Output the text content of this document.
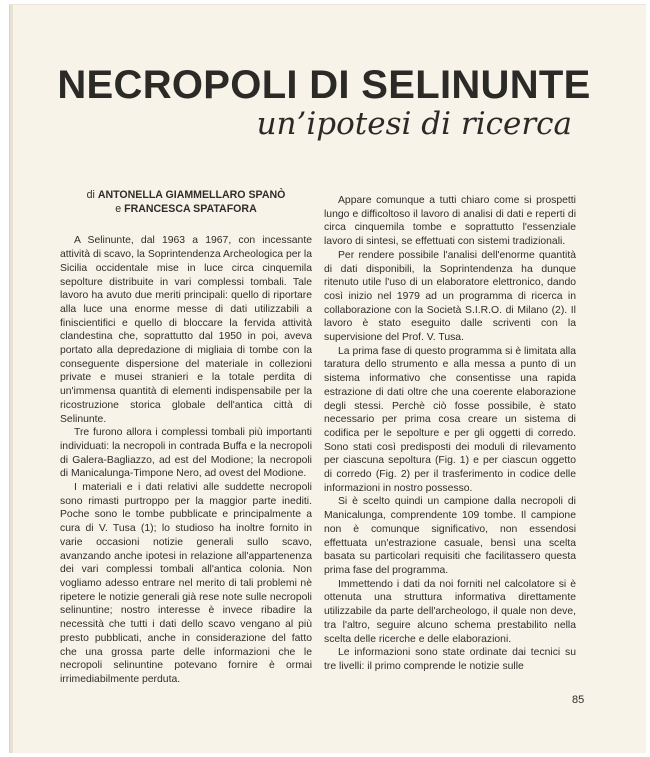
NECROPOLI DI SELINUNTE
un’ipotesi di ricerca
di ANTONELLA GIAMMELLARO SPANÒ
e FRANCESCA SPATAFORA

A Selinunte, dal 1963 a 1967, con incessante attività di scavo, la Soprintendenza Archeologica per la Sicilia occidentale mise in luce circa cinquemila sepolture distribuite in vari complessi tombali. Tale lavoro ha avuto due meriti principali: quello di riportare alla luce una enorme messe di dati utilizzabili a finiscientifici e quello di bloccare la fervida attività clandestina che, soprattutto dal 1950 in poi, aveva portato alla depredazione di migliaia di tombe con la conseguente dispersione del materiale in collezioni private e musei stranieri e la totale perdita di un'immensa quantità di elementi indispensabile per la ricostruzione storica globale dell'antica città di Selinunte.

Tre furono allora i complessi tombali più importanti individuati: la necropoli in contrada Buffa e la necropoli di Galera-Bagliazzo, ad est del Modione; la necropoli di Manicalunga-Timpone Nero, ad ovest del Modione.

I materiali e i dati relativi alle suddette necropoli sono rimasti purtroppo per la maggior parte inediti. Poche sono le tombe pubblicate e principalmente a cura di V. Tusa (1); lo studioso ha inoltre fornito in varie occasioni notizie generali sullo scavo, avanzando anche ipotesi in relazione all'appartenenza dei vari complessi tombali all'antica colonia. Non vogliamo adesso entrare nel merito di tali problemi nè ripetere le notizie generali già rese note sulle necropoli selinuntine; nostro interesse è invece ribadire la necessità che tutti i dati dello scavo vengano al più presto pubblicati, anche in considerazione del fatto che una grossa parte delle informazioni che le necropoli selinuntine potevano fornire è ormai irrimediabilmente perduta.

Appare comunque a tutti chiaro come si prospetti lungo e difficoltoso il lavoro di analisi di dati e reperti di circa cinquemila tombe e soprattutto l'essenziale lavoro di sintesi, se effettuati con sistemi tradizionali.

Per rendere possibile l'analisi dell'enorme quantità di dati disponibili, la Soprintendenza ha dunque ritenuto utile l'uso di un elaboratore elettronico, dando così inizio nel 1979 ad un programma di ricerca in collaborazione con la Società S.I.R.O. di Milano (2). Il lavoro è stato eseguito dalle scriventi con la supervisione del Prof. V. Tusa.

La prima fase di questo programma si è limitata alla taratura dello strumento e alla messa a punto di un sistema informativo che consentisse una rapida estrazione di dati oltre che una coerente elaborazione degli stessi. Perchè ciò fosse possibile, è stato necessario per prima cosa creare un sistema di codifica per le sepolture e per gli oggetti di corredo. Sono stati così predisposti dei moduli di rilevamento per ciascuna sepoltura (Fig. 1) e per ciascun oggetto di corredo (Fig. 2) per il trasferimento in codice delle informazioni in nostro possesso.

Si è scelto quindi un campione dalla necropoli di Manicalunga, comprendente 109 tombe. Il campione non è comunque significativo, non essendosi effettuata un'estrazione casuale, bensì una scelta basata su particolari requisiti che facilitassero questa prima fase del programma.

Immettendo i dati da noi forniti nel calcolatore si è ottenuta una struttura informativa direttamente utilizzabile da parte dell'archeologo, il quale non deve, tra l'altro, seguire alcuno schema prestabilito nella scelta delle ricerche e delle elaborazioni.

Le informazioni sono state ordinate dai tecnici su tre livelli: il primo comprende le notizie sulle

85
